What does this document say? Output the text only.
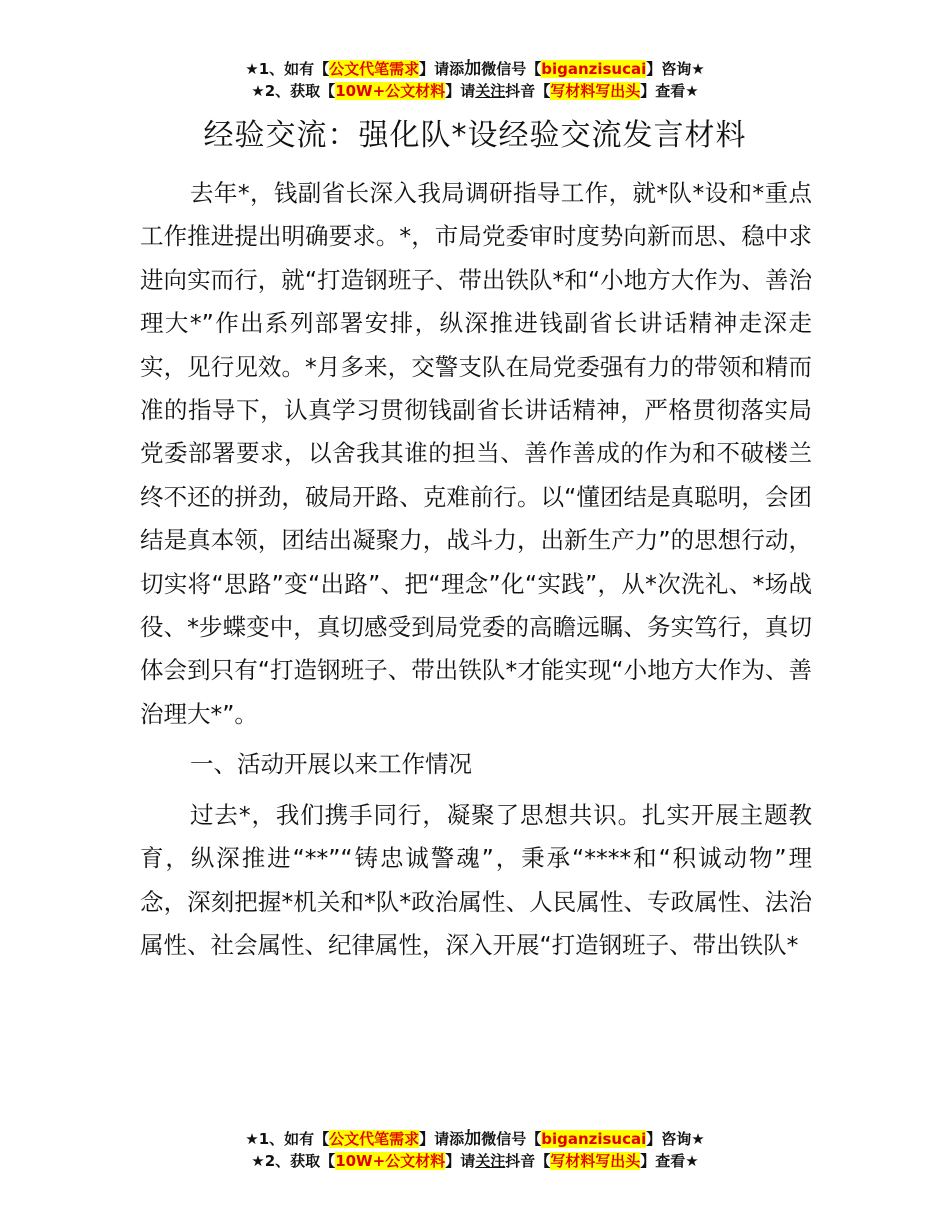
★1、如有【公文代笔需求】请添加微信号【biganzisucai】咨询★
★2、获取【10W+公文材料】请关注抖音【写材料写出头】查看★
经验交流：强化队*设经验交流发言材料

去年*，钱副省长深入我局调研指导工作，就*队*设和*重点工作推进提出明确要求。*，市局党委审时度势向新而思、稳中求进向实而行，就“打造钢班子、带出铁队*和“小地方大作为、善治理大*”作出系列部署安排，纵深推进钱副省长讲话精神走深走实，见行见效。*月多来，交警支队在局党委强有力的带领和精而准的指导下，认真学习贯彻钱副省长讲话精神，严格贯彻落实局党委部署要求，以舍我其谁的担当、善作善成的作为和不破楼兰终不还的拼劲，破局开路、克难前行。以“懂团结是真聪明，会团结是真本领，团结出凝聚力，战斗力，出新生产力”的思想行动，切实将“思路”变“出路”、把“理念”化“实践”，从*次洗礼、*场战役、*步蝶变中，真切感受到局党委的高瞻远瞩、务实笃行，真切体会到只有“打造钢班子、带出铁队*才能实现“小地方大作为、善治理大*”。

一、活动开展以来工作情况

过去*，我们携手同行，凝聚了思想共识。扎实开展主题教育，纵深推进“**”“铸忠诚警魂”，秉承“****和“积诚动物”理念，深刻把握*机关和*队*政治属性、人民属性、专政属性、法治属性、社会属性、纪律属性，深入开展“打造钢班子、带出铁队*

★1、如有【公文代笔需求】请添加微信号【biganzisucai】咨询★
★2、获取【10W+公文材料】请关注抖音【写材料写出头】查看★
